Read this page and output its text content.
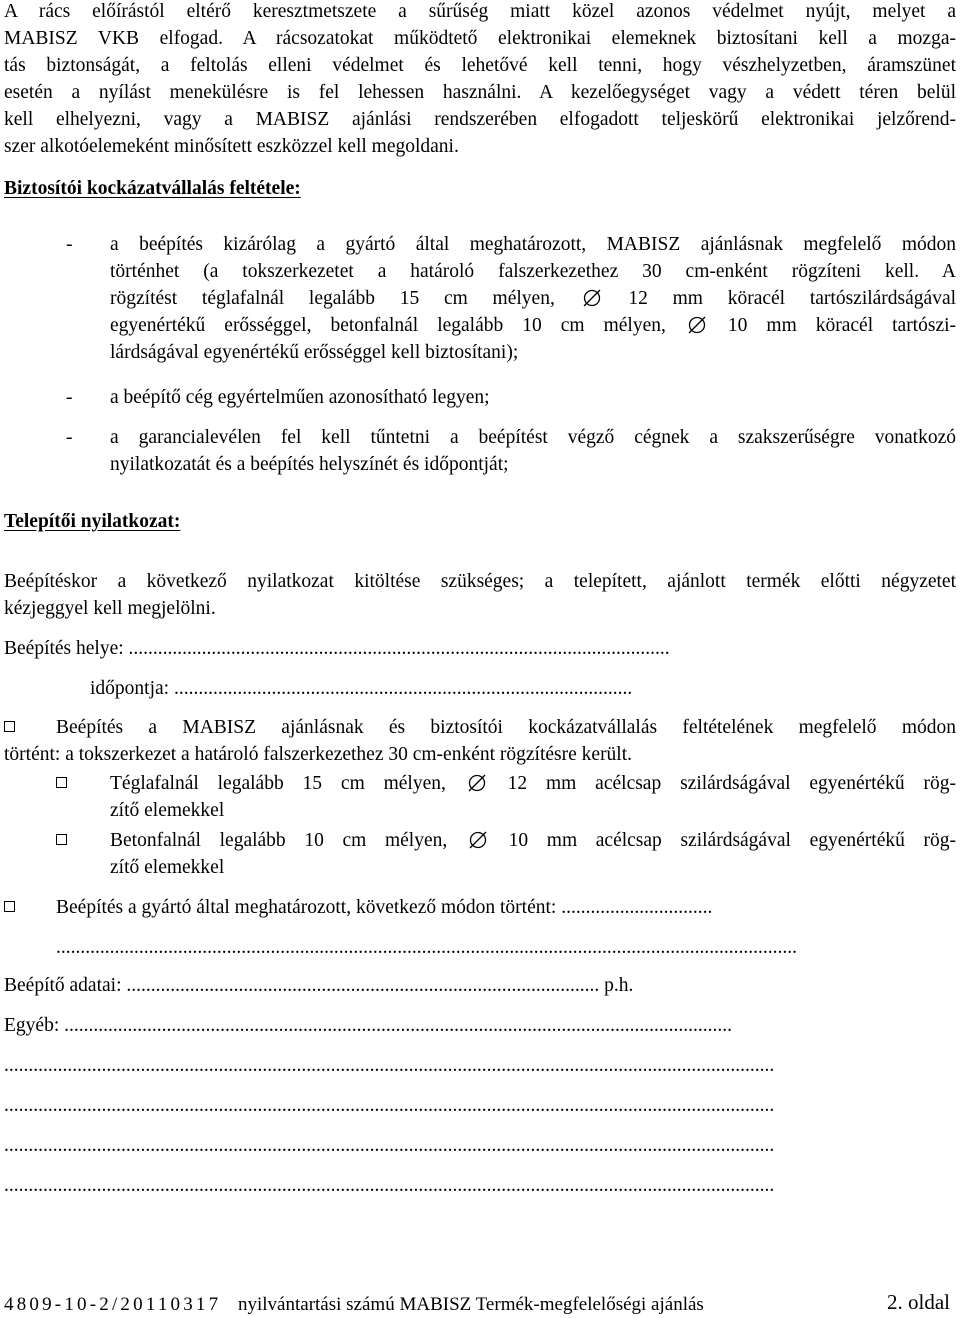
A rács előírástól eltérő keresztmetszete a sűrűség miatt közel azonos védelmet nyújt, melyet a
MABISZ VKB elfogad. A rácsozatokat működtető elektronikai elemeknek biztosítani kell a mozga-
tás biztonságát, a feltolás elleni védelmet és lehetővé kell tenni, hogy vészhelyzetben, áramszünet
esetén a nyílást menekülésre is fel lehessen használni. A kezelőegységet vagy a védett téren belül
kell elhelyezni, vagy a MABISZ ajánlási rendszerében elfogadott teljeskörű elektronikai jelzőrend-
szer alkotóelemeként minősített eszközzel kell megoldani.
Biztosítói kockázatvállalás feltétele:
- a beépítés kizárólag a gyártó által meghatározott, MABISZ ajánlásnak megfelelő módon
történhet (a tokszerkezetet a határoló falszerkezethez 30 cm-enként rögzíteni kell. A
rögzítést téglafalnál legalább 15 cm mélyen,	12 mm köracél tartószilárdságával
egyenértékű erősséggel, betonfalnál legalább 10 cm mélyen,	10 mm köracél tartószi-
lárdságával egyenértékű erősséggel kell biztosítani);
- a beépítő cég egyértelműen azonosítható legyen;
- a garancialevélen fel kell tűntetni a beépítést végző cégnek a szakszerűségre vonatkozó
nyilatkozatát és a beépítés helyszínét és időpontját;
Telepítői nyilatkozat:
Beépítéskor a következő nyilatkozat kitöltése szükséges; a telepített, ajánlott termék előtti négyzetet
kézjeggyel kell megjelölni.
Beépítés helye: ...............................................................................................................
időpontja: ..............................................................................................
Beépítés a MABISZ ajánlásnak és biztosítói kockázatvállalás feltételének megfelelő módon
történt: a tokszerkezet a határoló falszerkezethez 30 cm-enként rögzítésre került.
Téglafalnál legalább 15 cm mélyen,	12 mm acélcsap szilárdságával egyenértékű rög-
zítő elemekkel
Betonfalnál legalább 10 cm mélyen,	10 mm acélcsap szilárdságával egyenértékű rög-
zítő elemekkel
Beépítés a gyártó által meghatározott, következő módon történt: ...............................
........................................................................................................................................................
Beépítő adatai: ................................................................................................. p.h.
Egyéb: .........................................................................................................................................
..............................................................................................................................................................
..............................................................................................................................................................
..............................................................................................................................................................
..............................................................................................................................................................
4809-10-2/20110317 nyilvántartási számú MABISZ Termék-megfelelőségi ajánlás	2. oldal
